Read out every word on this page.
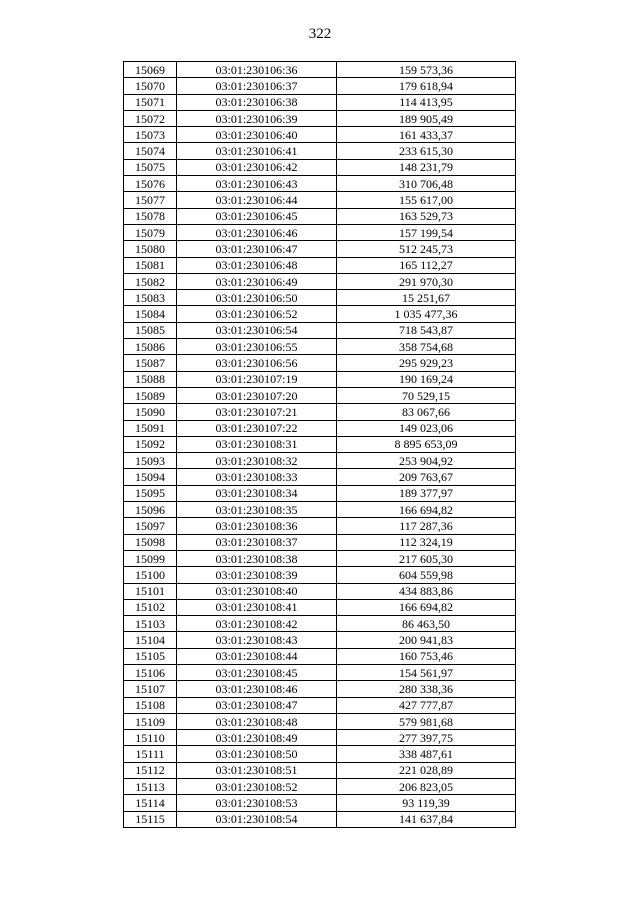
322
15069	03:01:230106:36	159 573,36
15070	03:01:230106:37	179 618,94
15071	03:01:230106:38	114 413,95
15072	03:01:230106:39	189 905,49
15073	03:01:230106:40	161 433,37
15074	03:01:230106:41	233 615,30
15075	03:01:230106:42	148 231,79
15076	03:01:230106:43	310 706,48
15077	03:01:230106:44	155 617,00
15078	03:01:230106:45	163 529,73
15079	03:01:230106:46	157 199,54
15080	03:01:230106:47	512 245,73
15081	03:01:230106:48	165 112,27
15082	03:01:230106:49	291 970,30
15083	03:01:230106:50	15 251,67
15084	03:01:230106:52	1 035 477,36
15085	03:01:230106:54	718 543,87
15086	03:01:230106:55	358 754,68
15087	03:01:230106:56	295 929,23
15088	03:01:230107:19	190 169,24
15089	03:01:230107:20	70 529,15
15090	03:01:230107:21	83 067,66
15091	03:01:230107:22	149 023,06
15092	03:01:230108:31	8 895 653,09
15093	03:01:230108:32	253 904,92
15094	03:01:230108:33	209 763,67
15095	03:01:230108:34	189 377,97
15096	03:01:230108:35	166 694,82
15097	03:01:230108:36	117 287,36
15098	03:01:230108:37	112 324,19
15099	03:01:230108:38	217 605,30
15100	03:01:230108:39	604 559,98
15101	03:01:230108:40	434 883,86
15102	03:01:230108:41	166 694,82
15103	03:01:230108:42	86 463,50
15104	03:01:230108:43	200 941,83
15105	03:01:230108:44	160 753,46
15106	03:01:230108:45	154 561,97
15107	03:01:230108:46	280 338,36
15108	03:01:230108:47	427 777,87
15109	03:01:230108:48	579 981,68
15110	03:01:230108:49	277 397,75
15111	03:01:230108:50	338 487,61
15112	03:01:230108:51	221 028,89
15113	03:01:230108:52	206 823,05
15114	03:01:230108:53	93 119,39
15115	03:01:230108:54	141 637,84
